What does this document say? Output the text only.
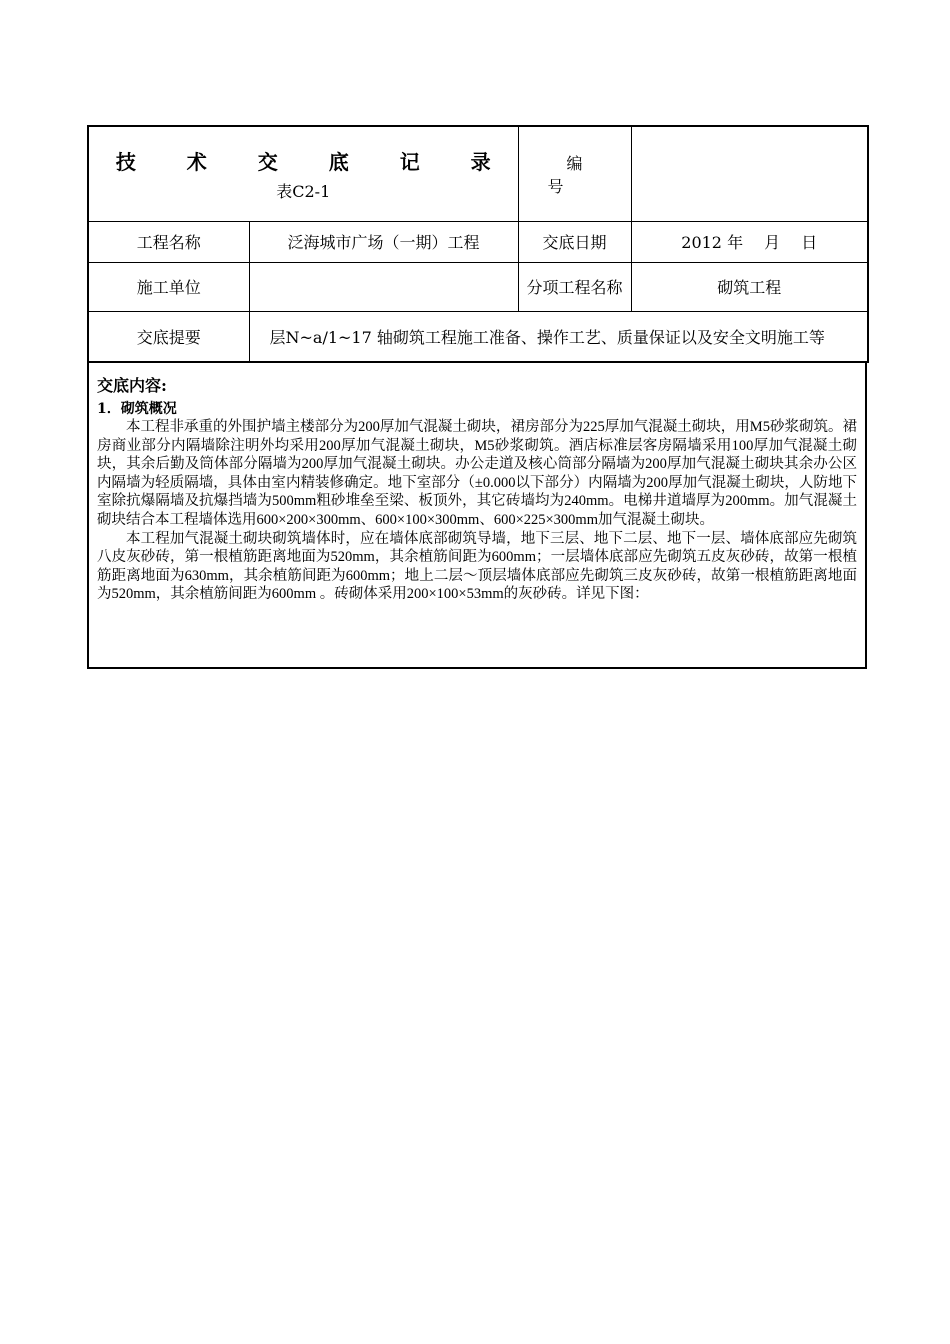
技 术 交 底 记 录
表C2-1		编 号	
工程名称	泛海城市广场（一期）工程	交底日期	2012 年　 月　 日
施工单位		分项工程名称	砌筑工程
交底提要	层N~a/1~17 轴砌筑工程施工准备、操作工艺、质量保证以及安全文明施工等		
交底内容:
1．砌筑概况

本工程非承重的外围护墙主楼部分为200厚加气混凝土砌块，裙房部分为225厚加气混凝土砌块，用M5砂浆砌筑。裙房商业部分内隔墙除注明外均采用200厚加气混凝土砌块，M5砂浆砌筑。酒店标准层客房隔墙采用100厚加气混凝土砌块，其余后勤及筒体部分隔墙为200厚加气混凝土砌块。办公走道及核心筒部分隔墙为200厚加气混凝土砌块其余办公区内隔墙为轻质隔墙，具体由室内精装修确定。地下室部分（±0.000以下部分）内隔墙为200厚加气混凝土砌块，人防地下室除抗爆隔墙及抗爆挡墙为500mm粗砂堆垒至梁、板顶外，其它砖墙均为240mm。电梯井道墙厚为200mm。加气混凝土砌块结合本工程墙体选用600×200×300mm、600×100×300mm、600×225×300mm加气混凝土砌块。

本工程加气混凝土砌块砌筑墙体时，应在墙体底部砌筑导墙，地下三层、地下二层、地下一层、墙体底部应先砌筑八皮灰砂砖，第一根植筋距离地面为520mm，其余植筋间距为600mm；一层墙体底部应先砌筑五皮灰砂砖，故第一根植筋距离地面为630mm，其余植筋间距为600mm；地上二层～顶层墙体底部应先砌筑三皮灰砂砖，故第一根植筋距离地面为520mm，其余植筋间距为600mm 。砖砌体采用200×100×53mm的灰砂砖。详见下图：
